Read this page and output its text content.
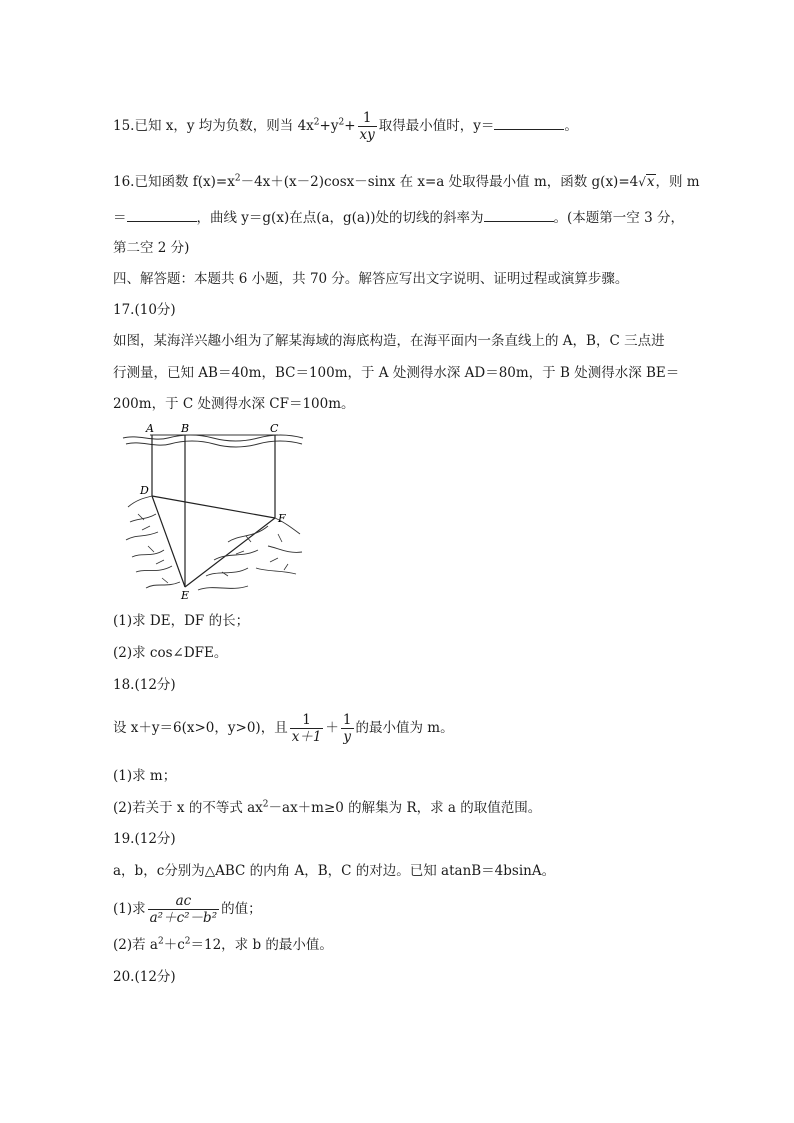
15.已知 x，y 均为负数，则当 $4x^2+y^2+ \frac{1}{xy}$ 取得最小值时，y＝	。
16.已知函数 $f(x)=x^2-4x+(x-2)\cos x-\sin x$ 在 x=a 处取得最小值 m，函数 g(x)=4√x，则 m
＝	，曲线 y＝g(x)在点(a，g(a))处的切线的斜率为	。(本题第一空 3 分，
第二空 2 分)
四、解答题：本题共 6 小题，共 70 分。解答应写出文字说明、证明过程或演算步骤。
17.(10分)
如图，某海洋兴趣小组为了解某海域的海底构造，在海平面内一条直线上的 A，B，C 三点进
行测量，已知 AB＝40m，BC＝100m，于 A 处测得水深 AD＝80m，于 B 处测得水深 BE＝
200m，于 C 处测得水深 CF＝100m。
A B	C
D
E
F
(1)求 DE，DF 的长；
(2)求 cos∠DFE。
18.(12分)
设 x＋y＝6(x>0，y>0)，且 $\frac{1}{x+1} + \frac{1}{y}$ 的最小值为 m。
(1)求 m；
(2)若关于 x 的不等式 $ax^2-ax+m\ge 0$ 的解集为 R，求 a 的取值范围。
19.(12分)
a，b，c分别为△ABC 的内角 A，B，C 的对边。已知 atanB＝4bsinA。
(1)求 $\frac{ac}{\text{a²＋c²－b²}}$ 的值；
(2)若 $a^2+c^2=12$，求 b 的最小值。
20.(12分)
